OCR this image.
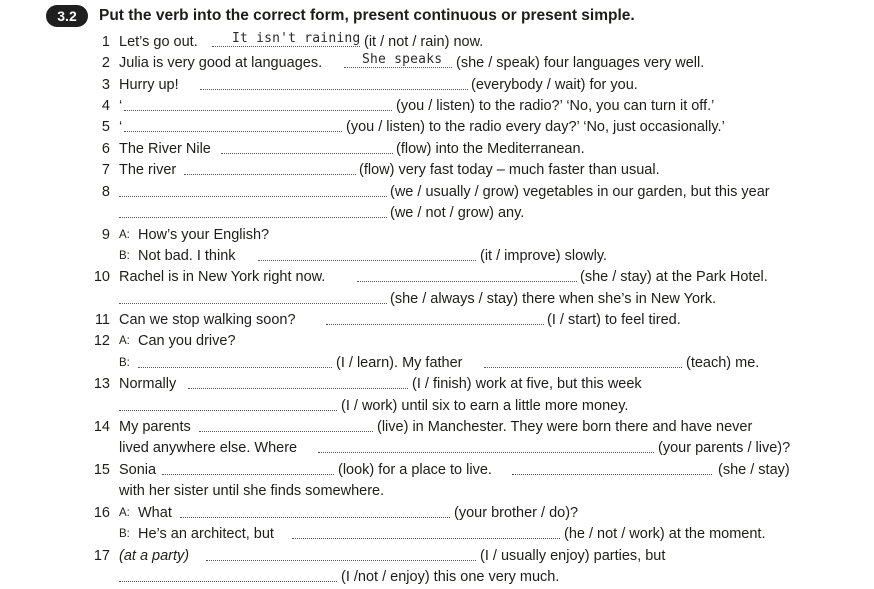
3.2	Put the verb into the correct form, present continuous or present simple.
1 Let’s go out.	It isn't raining (it / not / rain) now.
2 Julia is very good at languages.	She speaks (she / speak) four languages very well.
3 Hurry up!	(everybody / wait) for you.
4 ‘	(you / listen) to the radio?’ ‘No, you can turn it off.’
5 ‘	(you / listen) to the radio every day?’ ‘No, just occasionally.’
6 The River Nile	(flow) into the Mediterranean.
7 The river	(flow) very fast today – much faster than usual.
8	(we / usually / grow) vegetables in our garden, but this year
(we / not / grow) any.
9 A: How’s your English?
B: Not bad. I think	(it / improve) slowly.
10 Rachel is in New York right now.	(she / stay) at the Park Hotel.
(she / always / stay) there when she’s in New York.
11 Can we stop walking soon?	(I / start) to feel tired.
12 A: Can you drive?
B:	(I / learn). My father	(teach) me.
13 Normally	(I / finish) work at five, but this week
(I / work) until six to earn a little more money.
14 My parents	(live) in Manchester. They were born there and have never
lived anywhere else. Where	(your parents / live)?
15 Sonia	(look) for a place to live.	(she / stay)
with her sister until she finds somewhere.
16 A: What	(your brother / do)?
B: He’s an architect, but	(he / not / work) at the moment.
17 (at a party)	(I / usually enjoy) parties, but
(I /not / enjoy) this one very much.
